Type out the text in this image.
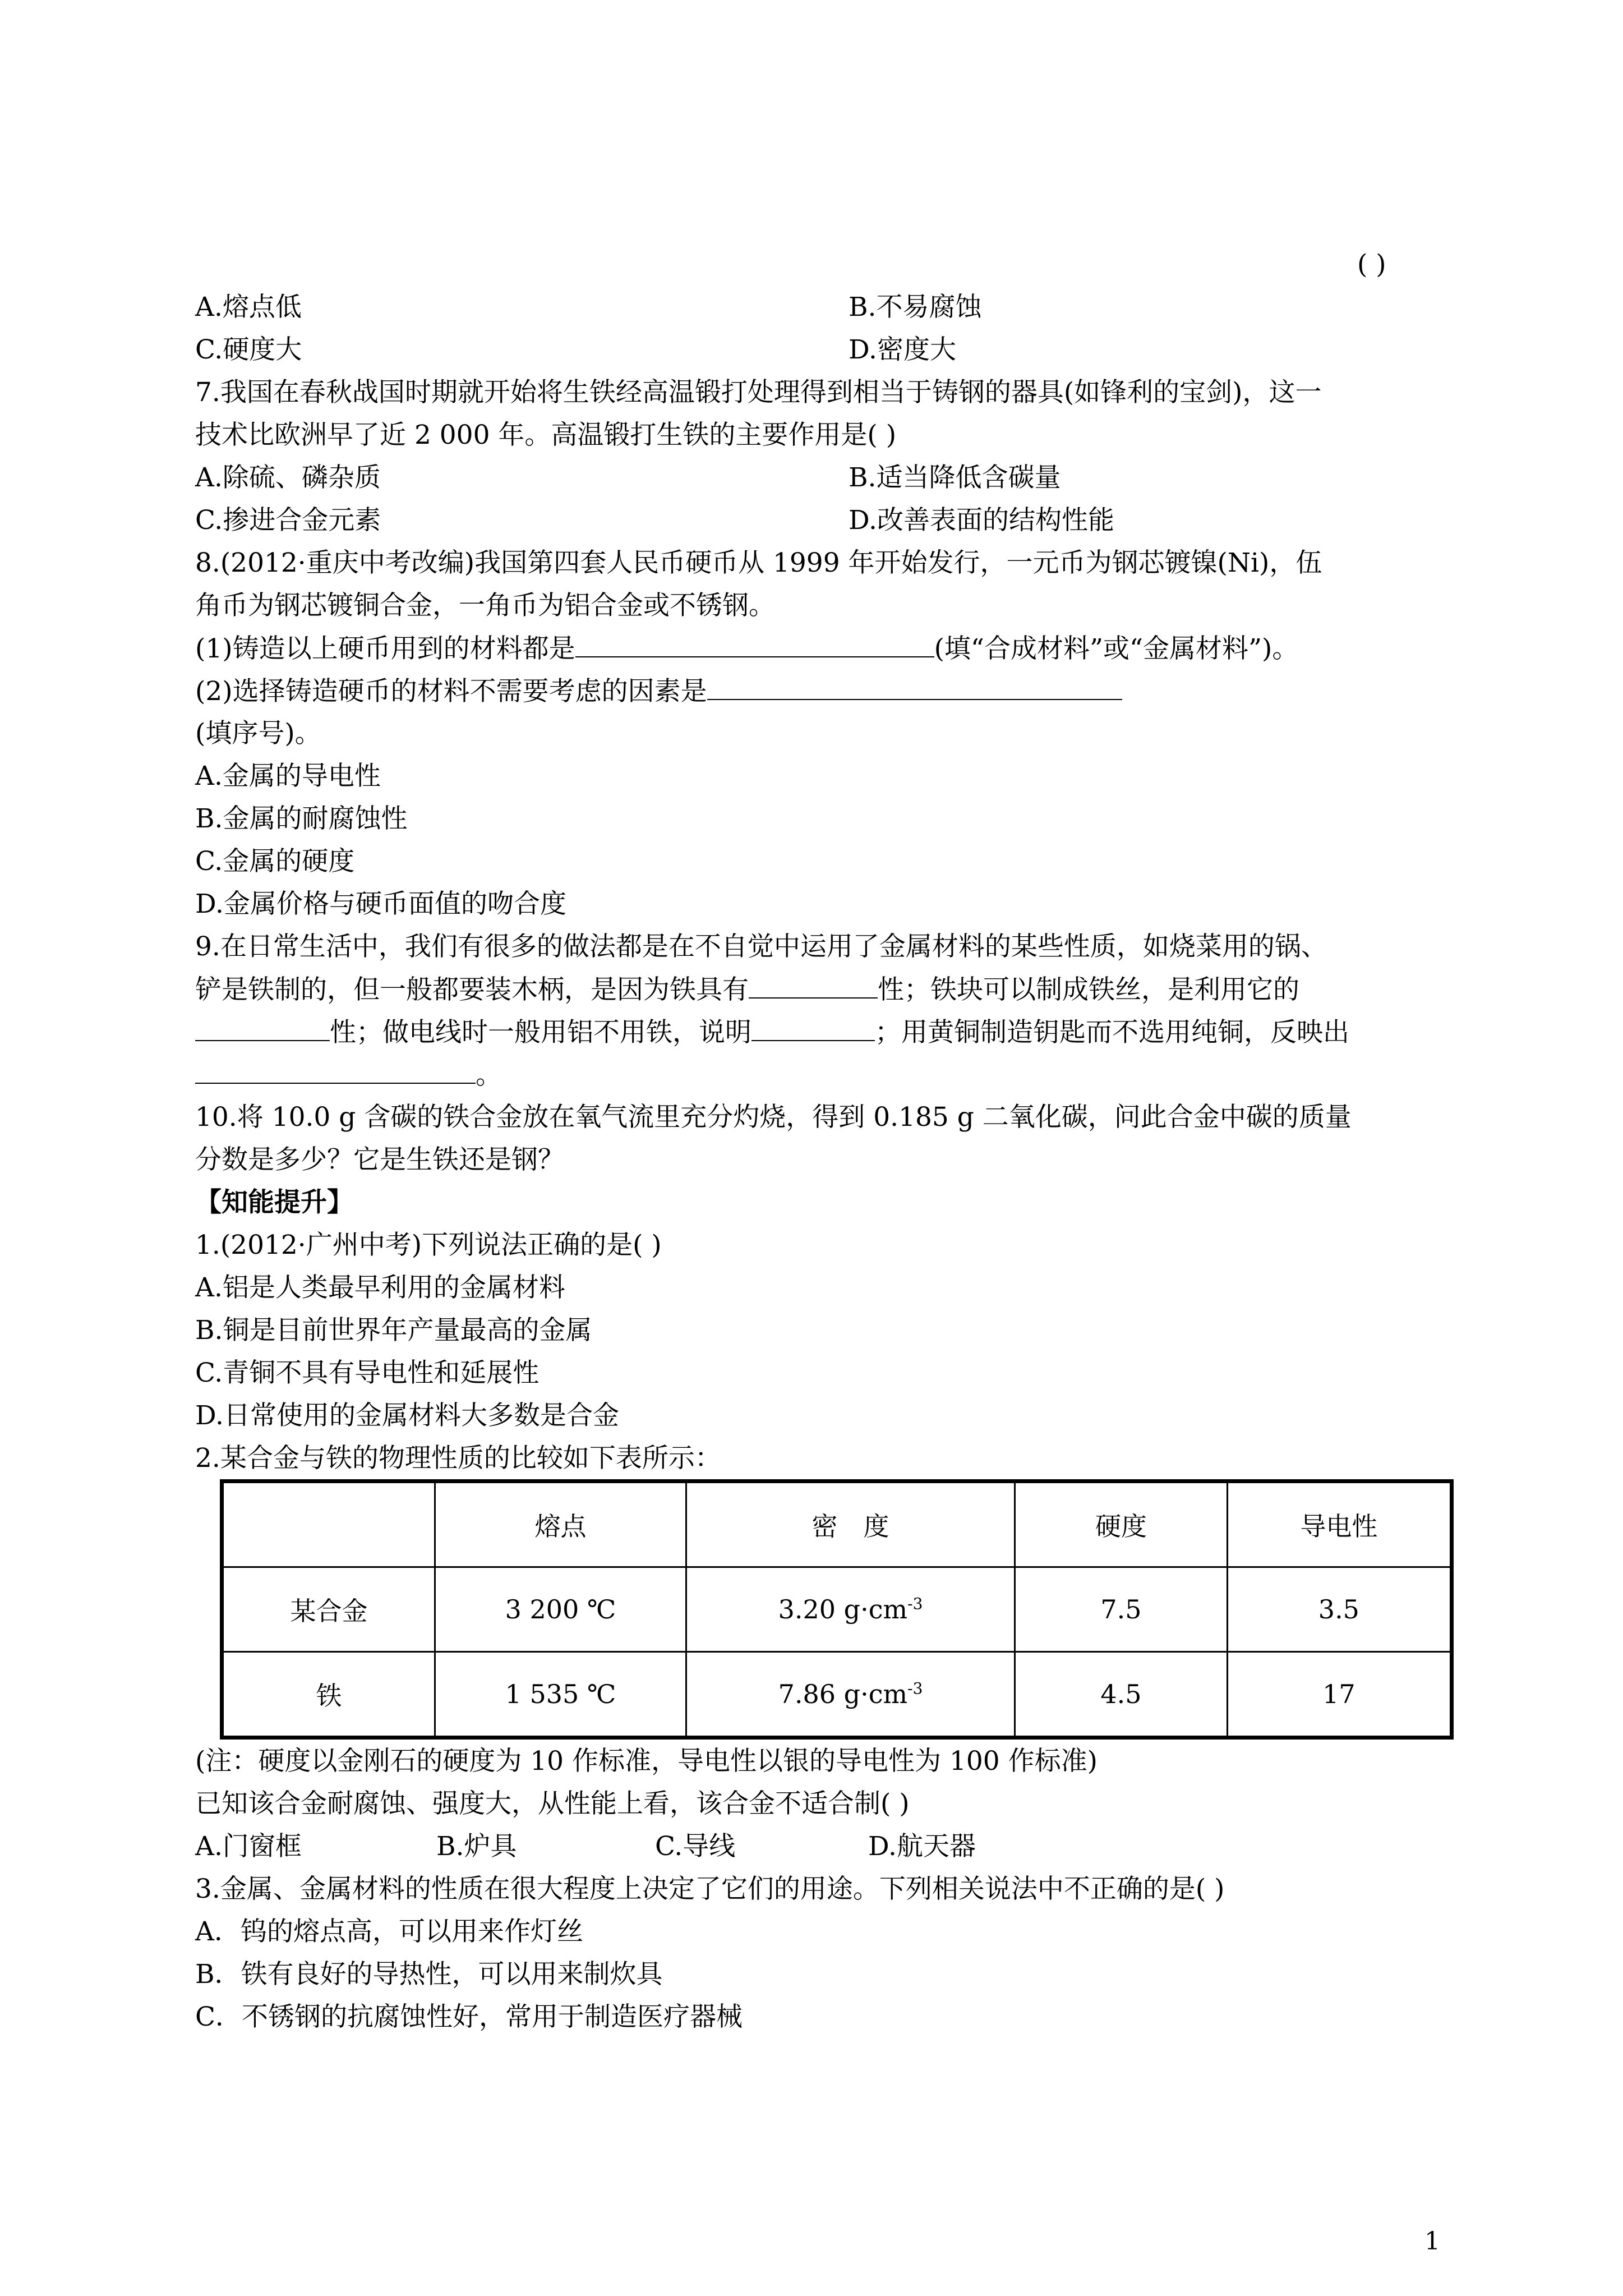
( )
A.熔点低	B.不易腐蚀
C.硬度大	D.密度大
7.我国在春秋战国时期就开始将生铁经高温锻打处理得到相当于铸钢的器具(如锋利的宝剑)，这一
技术比欧洲早了近 2 000 年。高温锻打生铁的主要作用是( )
A.除硫、磷杂质	B.适当降低含碳量
C.掺进合金元素	D.改善表面的结构性能
8.(2012·重庆中考改编)我国第四套人民币硬币从 1999 年开始发行，一元币为钢芯镀镍(Ni)，伍
角币为钢芯镀铜合金，一角币为铝合金或不锈钢。
(1)铸造以上硬币用到的材料都是	(填“合成材料”或“金属材料”)。
(2)选择铸造硬币的材料不需要考虑的因素是
(填序号)。
A.金属的导电性
B.金属的耐腐蚀性
C.金属的硬度
D.金属价格与硬币面值的吻合度
9.在日常生活中，我们有很多的做法都是在不自觉中运用了金属材料的某些性质，如烧菜用的锅、
铲是铁制的，但一般都要装木柄，是因为铁具有	性；铁块可以制成铁丝，是利用它的
性；做电线时一般用铝不用铁，说明	；用黄铜制造钥匙而不选用纯铜，反映出
。
10.将 10.0 g 含碳的铁合金放在氧气流里充分灼烧，得到 0.185 g 二氧化碳，问此合金中碳的质量
分数是多少？它是生铁还是钢？
【知能提升】
1.(2012·广州中考)下列说法正确的是( )
A.铝是人类最早利用的金属材料
B.铜是目前世界年产量最高的金属
C.青铜不具有导电性和延展性
D.日常使用的金属材料大多数是合金
2.某合金与铁的物理性质的比较如下表所示：
	熔点	密　度	硬度	导电性
某合金	3 200 ℃	3.20 $g\cdot cm^{-3}$	7.5	3.5
铁	1 535 ℃	7.86 $g\cdot cm^{-3}$	4.5	17
(注：硬度以金刚石的硬度为 10 作标准，导电性以银的导电性为 100 作标准)
已知该合金耐腐蚀、强度大，从性能上看，该合金不适合制( )
A.门窗框	B.炉具	C.导线	D.航天器
3.金属、金属材料的性质在很大程度上决定了它们的用途。下列相关说法中不正确的是( )
A．钨的熔点高，可以用来作灯丝
B．铁有良好的导热性，可以用来制炊具
C．不锈钢的抗腐蚀性好，常用于制造医疗器械
1
